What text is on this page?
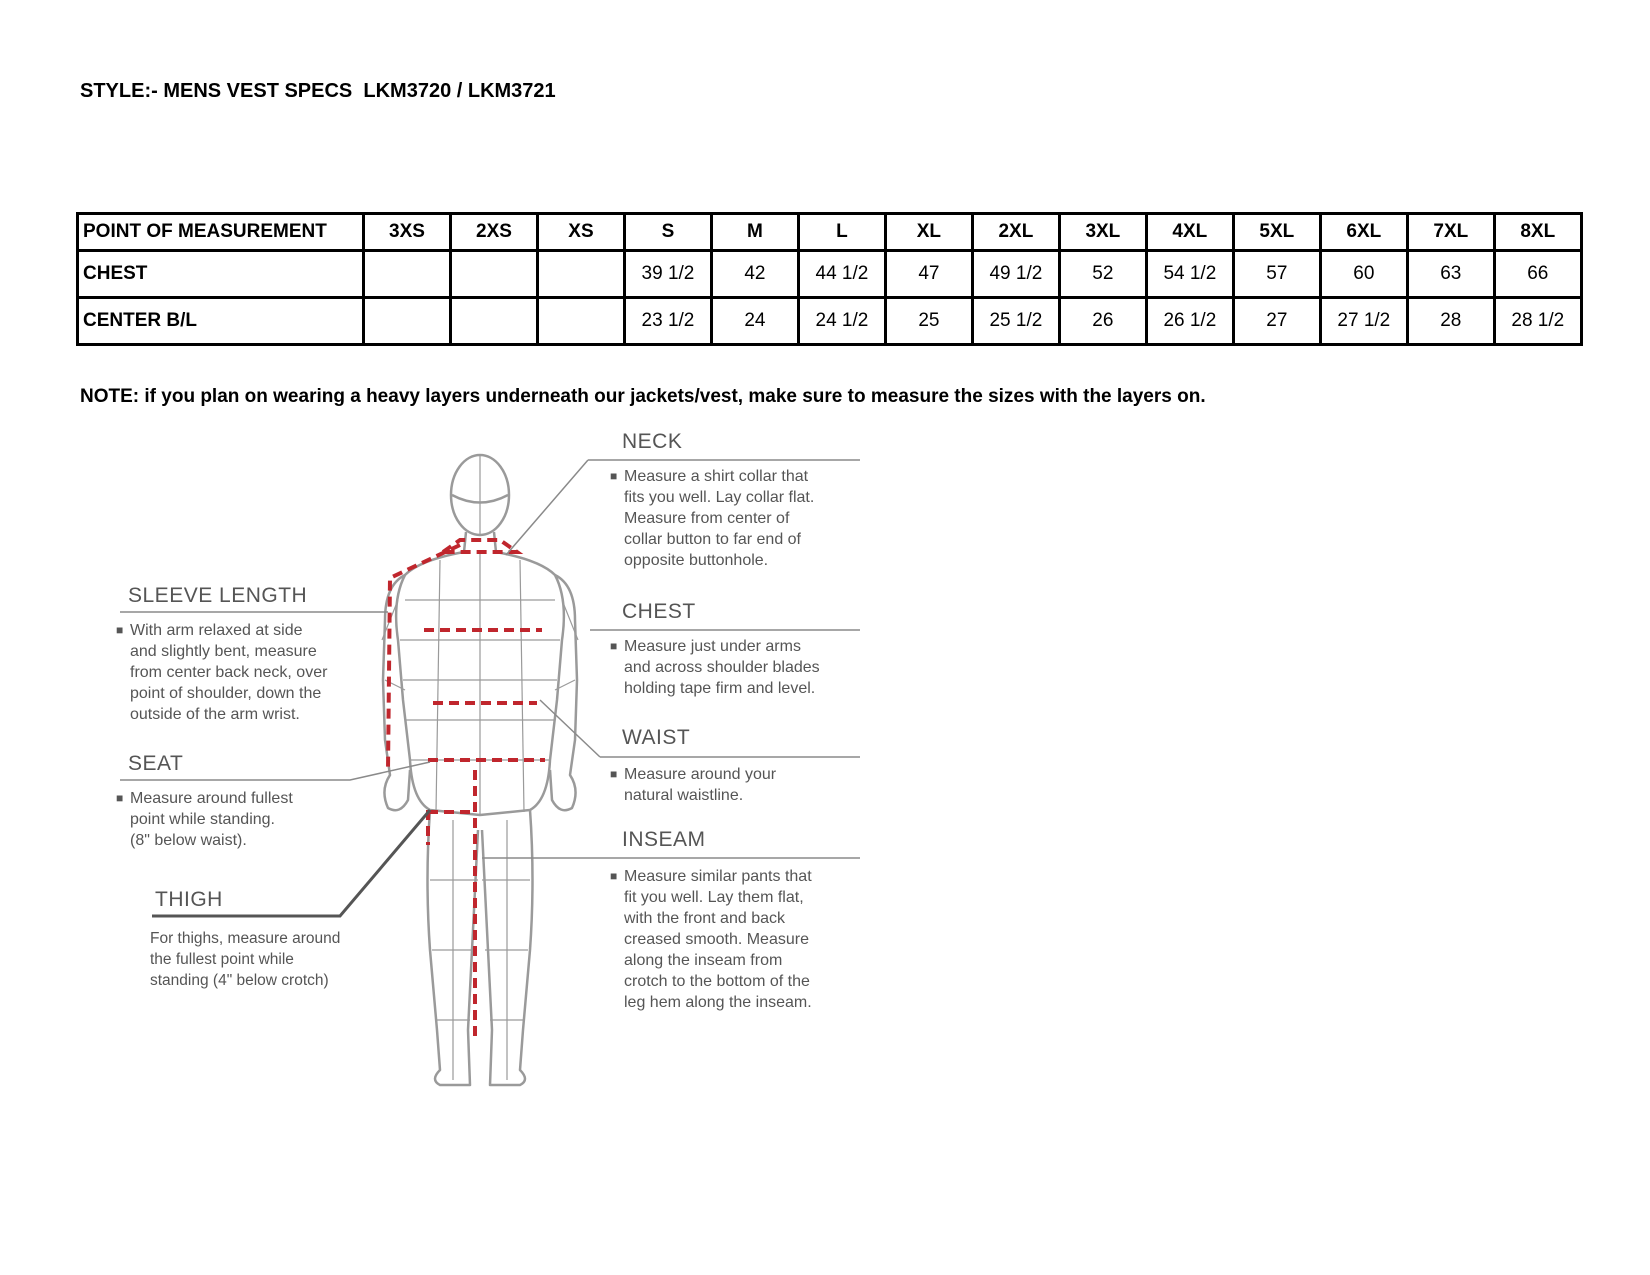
STYLE:- MENS VEST SPECS  LKM3720 / LKM3721
POINT OF MEASUREMENT	3XS	2XS	XS	S	M	L	XL	2XL	3XL	4XL	5XL	6XL	7XL	8XL
CHEST				39 1/2	42	44 1/2	47	49 1/2	52	54 1/2	57	60	63	66
CENTER B/L				23 1/2	24	24 1/2	25	25 1/2	26	26 1/2	27	27 1/2	28	28 1/2
NOTE: if you plan on wearing a heavy layers underneath our jackets/vest, make sure to measure the sizes with the layers on.
NECK
■ Measure a shirt collar that
fits you well. Lay collar flat.
Measure from center of
collar button to far end of
opposite buttonhole.

CHEST
■ Measure just under arms
and across shoulder blades
holding tape firm and level.

WAIST
■ Measure around your
natural waistline.

INSEAM
■ Measure similar pants that
fit you well. Lay them flat,
with the front and back
creased smooth. Measure
along the inseam from
crotch to the bottom of the
leg hem along the inseam.

SLEEVE LENGTH
■ With arm relaxed at side
and slightly bent, measure
from center back neck, over
point of shoulder, down the
outside of the arm wrist.

SEAT
■ Measure around fullest
point while standing.
(8" below waist).

THIGH

For thighs, measure around
the fullest point while
standing (4" below crotch)
